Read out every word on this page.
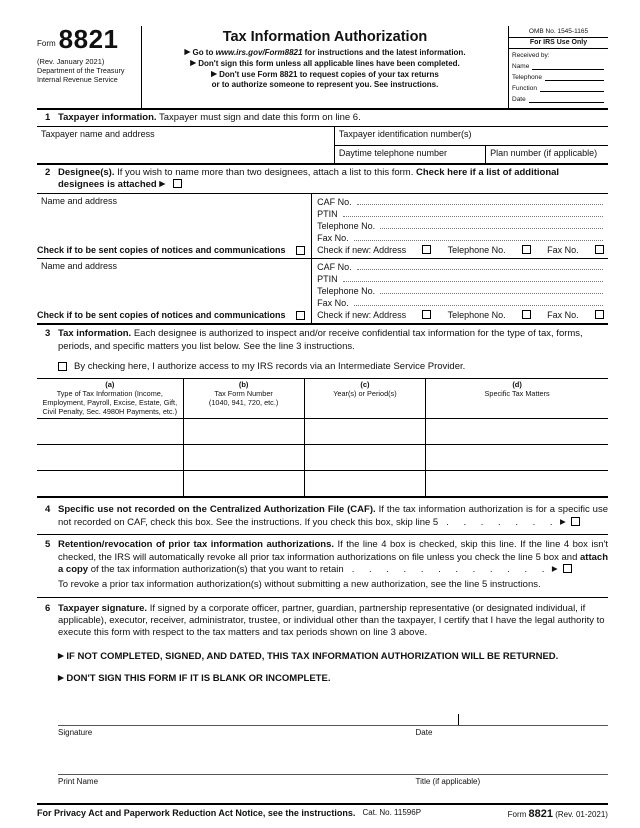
Form 8821
(Rev. January 2021)
Department of the Treasury
Internal Revenue Service
Tax Information Authorization
▶ Go to www.irs.gov/Form8821 for instructions and the latest information.
▶ Don't sign this form unless all applicable lines have been completed.
▶ Don't use Form 8821 to request copies of your tax returns
or to authorize someone to represent you. See instructions.
OMB No. 1545-1165
For IRS Use Only
Received by:
Name
Telephone
Function
Date
1 Taxpayer information. Taxpayer must sign and date this form on line 6.
Taxpayer name and address	Taxpayer identification number(s)
Daytime telephone number	Plan number (if applicable)
2 Designee(s). If you wish to name more than two designees, attach a list to this form. Check here if a list of additional designees is attached ▶
Name and address
Check if to be sent copies of notices and communications
CAF No.
PTIN
Telephone No.
Fax No.
Check if new: Address	Telephone No.	Fax No.
Name and address
Check if to be sent copies of notices and communications
CAF No.
PTIN
Telephone No.
Fax No.
Check if new: Address	Telephone No.	Fax No.
3 Tax information. Each designee is authorized to inspect and/or receive confidential tax information for the type of tax, forms, periods, and specific matters you list below. See the line 3 instructions.
By checking here, I authorize access to my IRS records via an Intermediate Service Provider.
(a)
Type of Tax Information (Income, Employment, Payroll, Excise, Estate, Gift, Civil Penalty, Sec. 4980H Payments, etc.)
(b)
Tax Form Number
(1040, 941, 720, etc.)
(c)
Year(s) or Period(s)
(d)
Specific Tax Matters
4 Specific use not recorded on the Centralized Authorization File (CAF). If the tax information authorization is for a specific use not recorded on CAF, check this box. See the instructions. If you check this box, skip line 5 . . . . . . . ▶
5 Retention/revocation of prior tax information authorizations. If the line 4 box is checked, skip this line. If the line 4 box isn't checked, the IRS will automatically revoke all prior tax information authorizations on file unless you check the line 5 box and attach a copy of the tax information authorization(s) that you want to retain . . . . . . . . . . . . ▶
To revoke a prior tax information authorization(s) without submitting a new authorization, see the line 5 instructions.
6 Taxpayer signature. If signed by a corporate officer, partner, guardian, partnership representative (or designated individual, if applicable), executor, receiver, administrator, trustee, or individual other than the taxpayer, I certify that I have the legal authority to execute this form with respect to the tax matters and tax periods shown on line 3 above.
▶ IF NOT COMPLETED, SIGNED, AND DATED, THIS TAX INFORMATION AUTHORIZATION WILL BE RETURNED.
▶ DON'T SIGN THIS FORM IF IT IS BLANK OR INCOMPLETE.
Signature	Date
Print Name	Title (if applicable)
For Privacy Act and Paperwork Reduction Act Notice, see the instructions. Cat. No. 11596P	Form 8821 (Rev. 01-2021)
